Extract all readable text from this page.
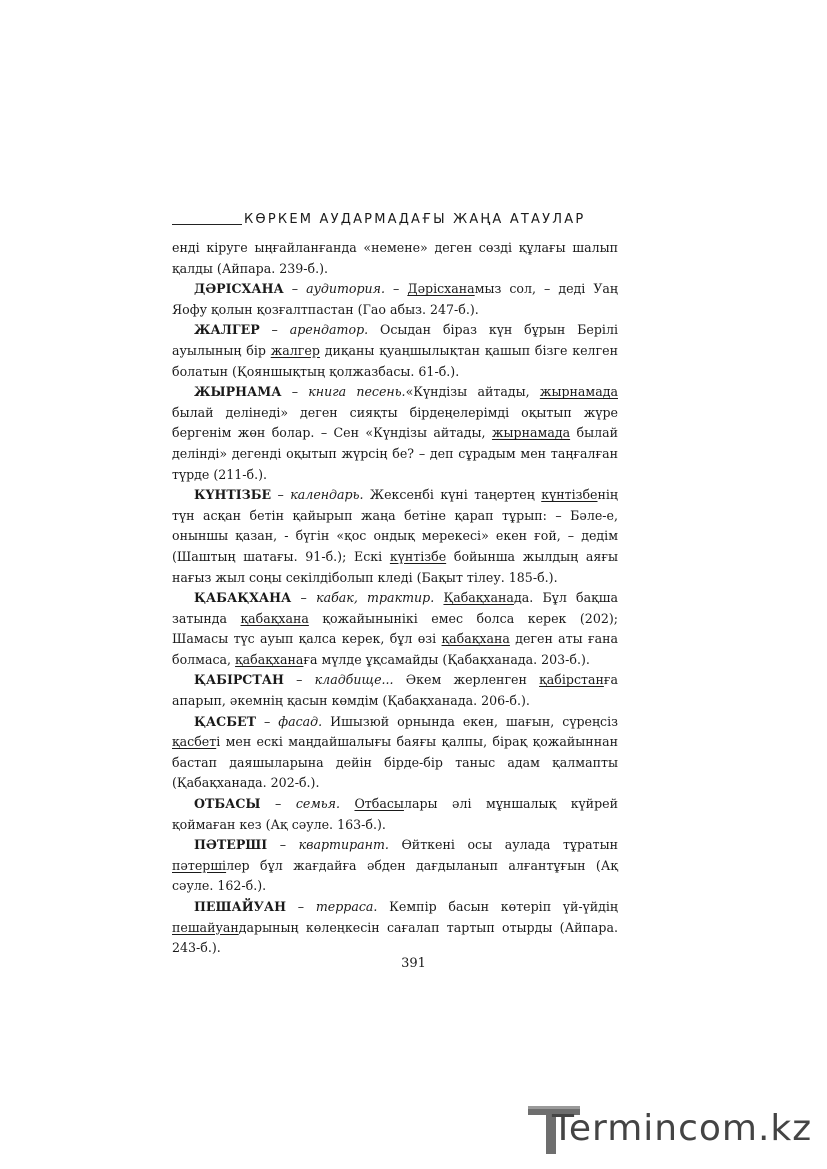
КӨРКЕМ АУДАРМАДАҒЫ ЖАҢА АТАУЛАР

енді кіруге ыңғайланғанда «немене» деген сөзді құлағы шалып қалды (Айпара. 239-б.).

ДӘРІСХАНА – аудитория. – Дәрісханамыз сол, – деді Уаң Яофу қолын қозғалтпастан (Гао абыз. 247-б.).

ЖАЛГЕР – арендатор. Осыдан біраз күн бұрын Берілі ауылының бір жалгер диқаны қуаңшылықтан қашып бізге келген болатын (Қояншықтың қолжазбасы. 61-б.).

ЖЫРНАМА – книга песень.«Күндізы айтады, жырнамада былай делінеді» деген сияқты бірдеңелерімді оқытып жүре бергенім жөн болар. – Сен «Күндізы айтады, жырнамада былай делінді» дегенді оқытып жүрсің бе? – деп сұрадым мен таңғалған түрде (211-б.).

КҮНТІЗБЕ – календарь. Жексенбі күні таңертең күнтізбенің түн асқан бетін қайырып жаңа бетіне қарап тұрып: – Бәле-е, оныншы қазан, - бүгін «қос ондық мерекесі» екен ғой, – дедім (Шаштың шатағы. 91-б.); Ескі күнтізбе бойынша жылдың аяғы нағыз жыл соңы секілдіболып кледі (Бақыт тілеу. 185-б.).

ҚАБАҚХАНА – кабак, трактир. Қабақханада. Бұл бақша затында қабақхана қожайынынікі емес болса керек (202); Шамасы түс ауып қалса керек, бұл өзі қабақхана деген аты ғана болмаса, қабақханаға мүлде ұқсамайды (Қабақханада. 203-б.).

ҚАБІРСТАН – кладбище... Әкем жерленген қабірстанға апарып, әкемнің қасын көмдім (Қабақханада. 206-б.).

ҚАСБЕТ – фасад. Ишызюй орнында екен, шағын, сүреңсіз қасбеті мен ескі маңдайшалығы баяғы қалпы, бірақ қожайыннан бастап даяшыларына дейін бірде-бір таныс адам қалмапты (Қабақханада. 202-б.).

ОТБАСЫ – семья. Отбасылары әлі мұншалық күйрей қоймаған кез (Ақ сәуле. 163-б.).

ПӘТЕРШІ – квартирант. Өйткені осы аулада тұратын пәтершілер бұл жағдайға әбден дағдыланып алғантұғын (Ақ сәуле. 162-б.).

ПЕШАЙУАН – терраса. Кемпір басын көтеріп үй-үйдің пешайуандарының көлеңкесін сағалап тартып отырды (Айпара. 243-б.).

391
Termincom.kz
